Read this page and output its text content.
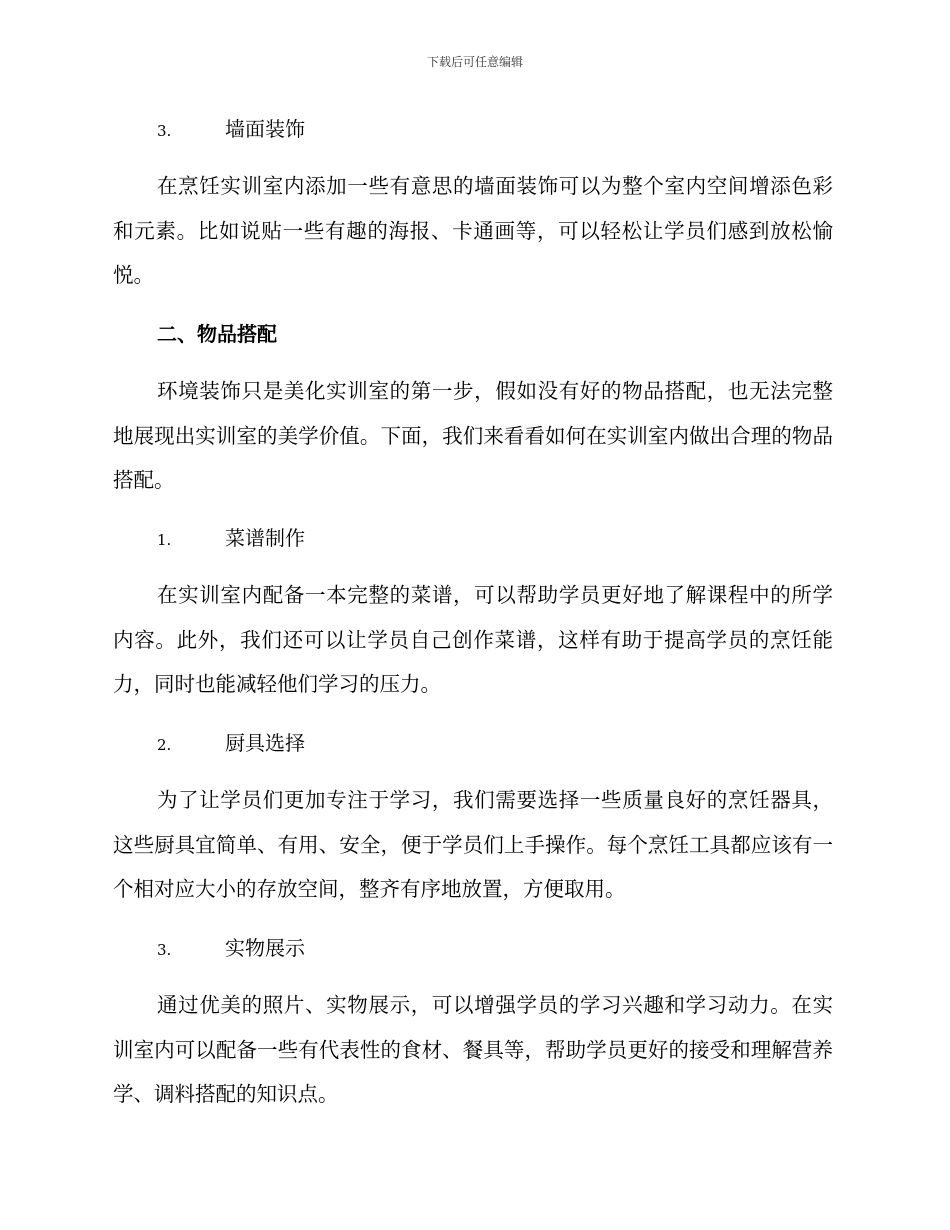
下载后可任意编辑
3.	墙面装饰

在烹饪实训室内添加一些有意思的墙面装饰可以为整个室内空间增添色彩和元素。比如说贴一些有趣的海报、卡通画等，可以轻松让学员们感到放松愉悦。

二、物品搭配

环境装饰只是美化实训室的第一步，假如没有好的物品搭配，也无法完整地展现出实训室的美学价值。下面，我们来看看如何在实训室内做出合理的物品搭配。

1.	菜谱制作

在实训室内配备一本完整的菜谱，可以帮助学员更好地了解课程中的所学内容。此外，我们还可以让学员自己创作菜谱，这样有助于提高学员的烹饪能力，同时也能减轻他们学习的压力。

2.	厨具选择

为了让学员们更加专注于学习，我们需要选择一些质量良好的烹饪器具，这些厨具宜简单、有用、安全，便于学员们上手操作。每个烹饪工具都应该有一个相对应大小的存放空间，整齐有序地放置，方便取用。

3.	实物展示

通过优美的照片、实物展示，可以增强学员的学习兴趣和学习动力。在实训室内可以配备一些有代表性的食材、餐具等，帮助学员更好的接受和理解营养学、调料搭配的知识点。
